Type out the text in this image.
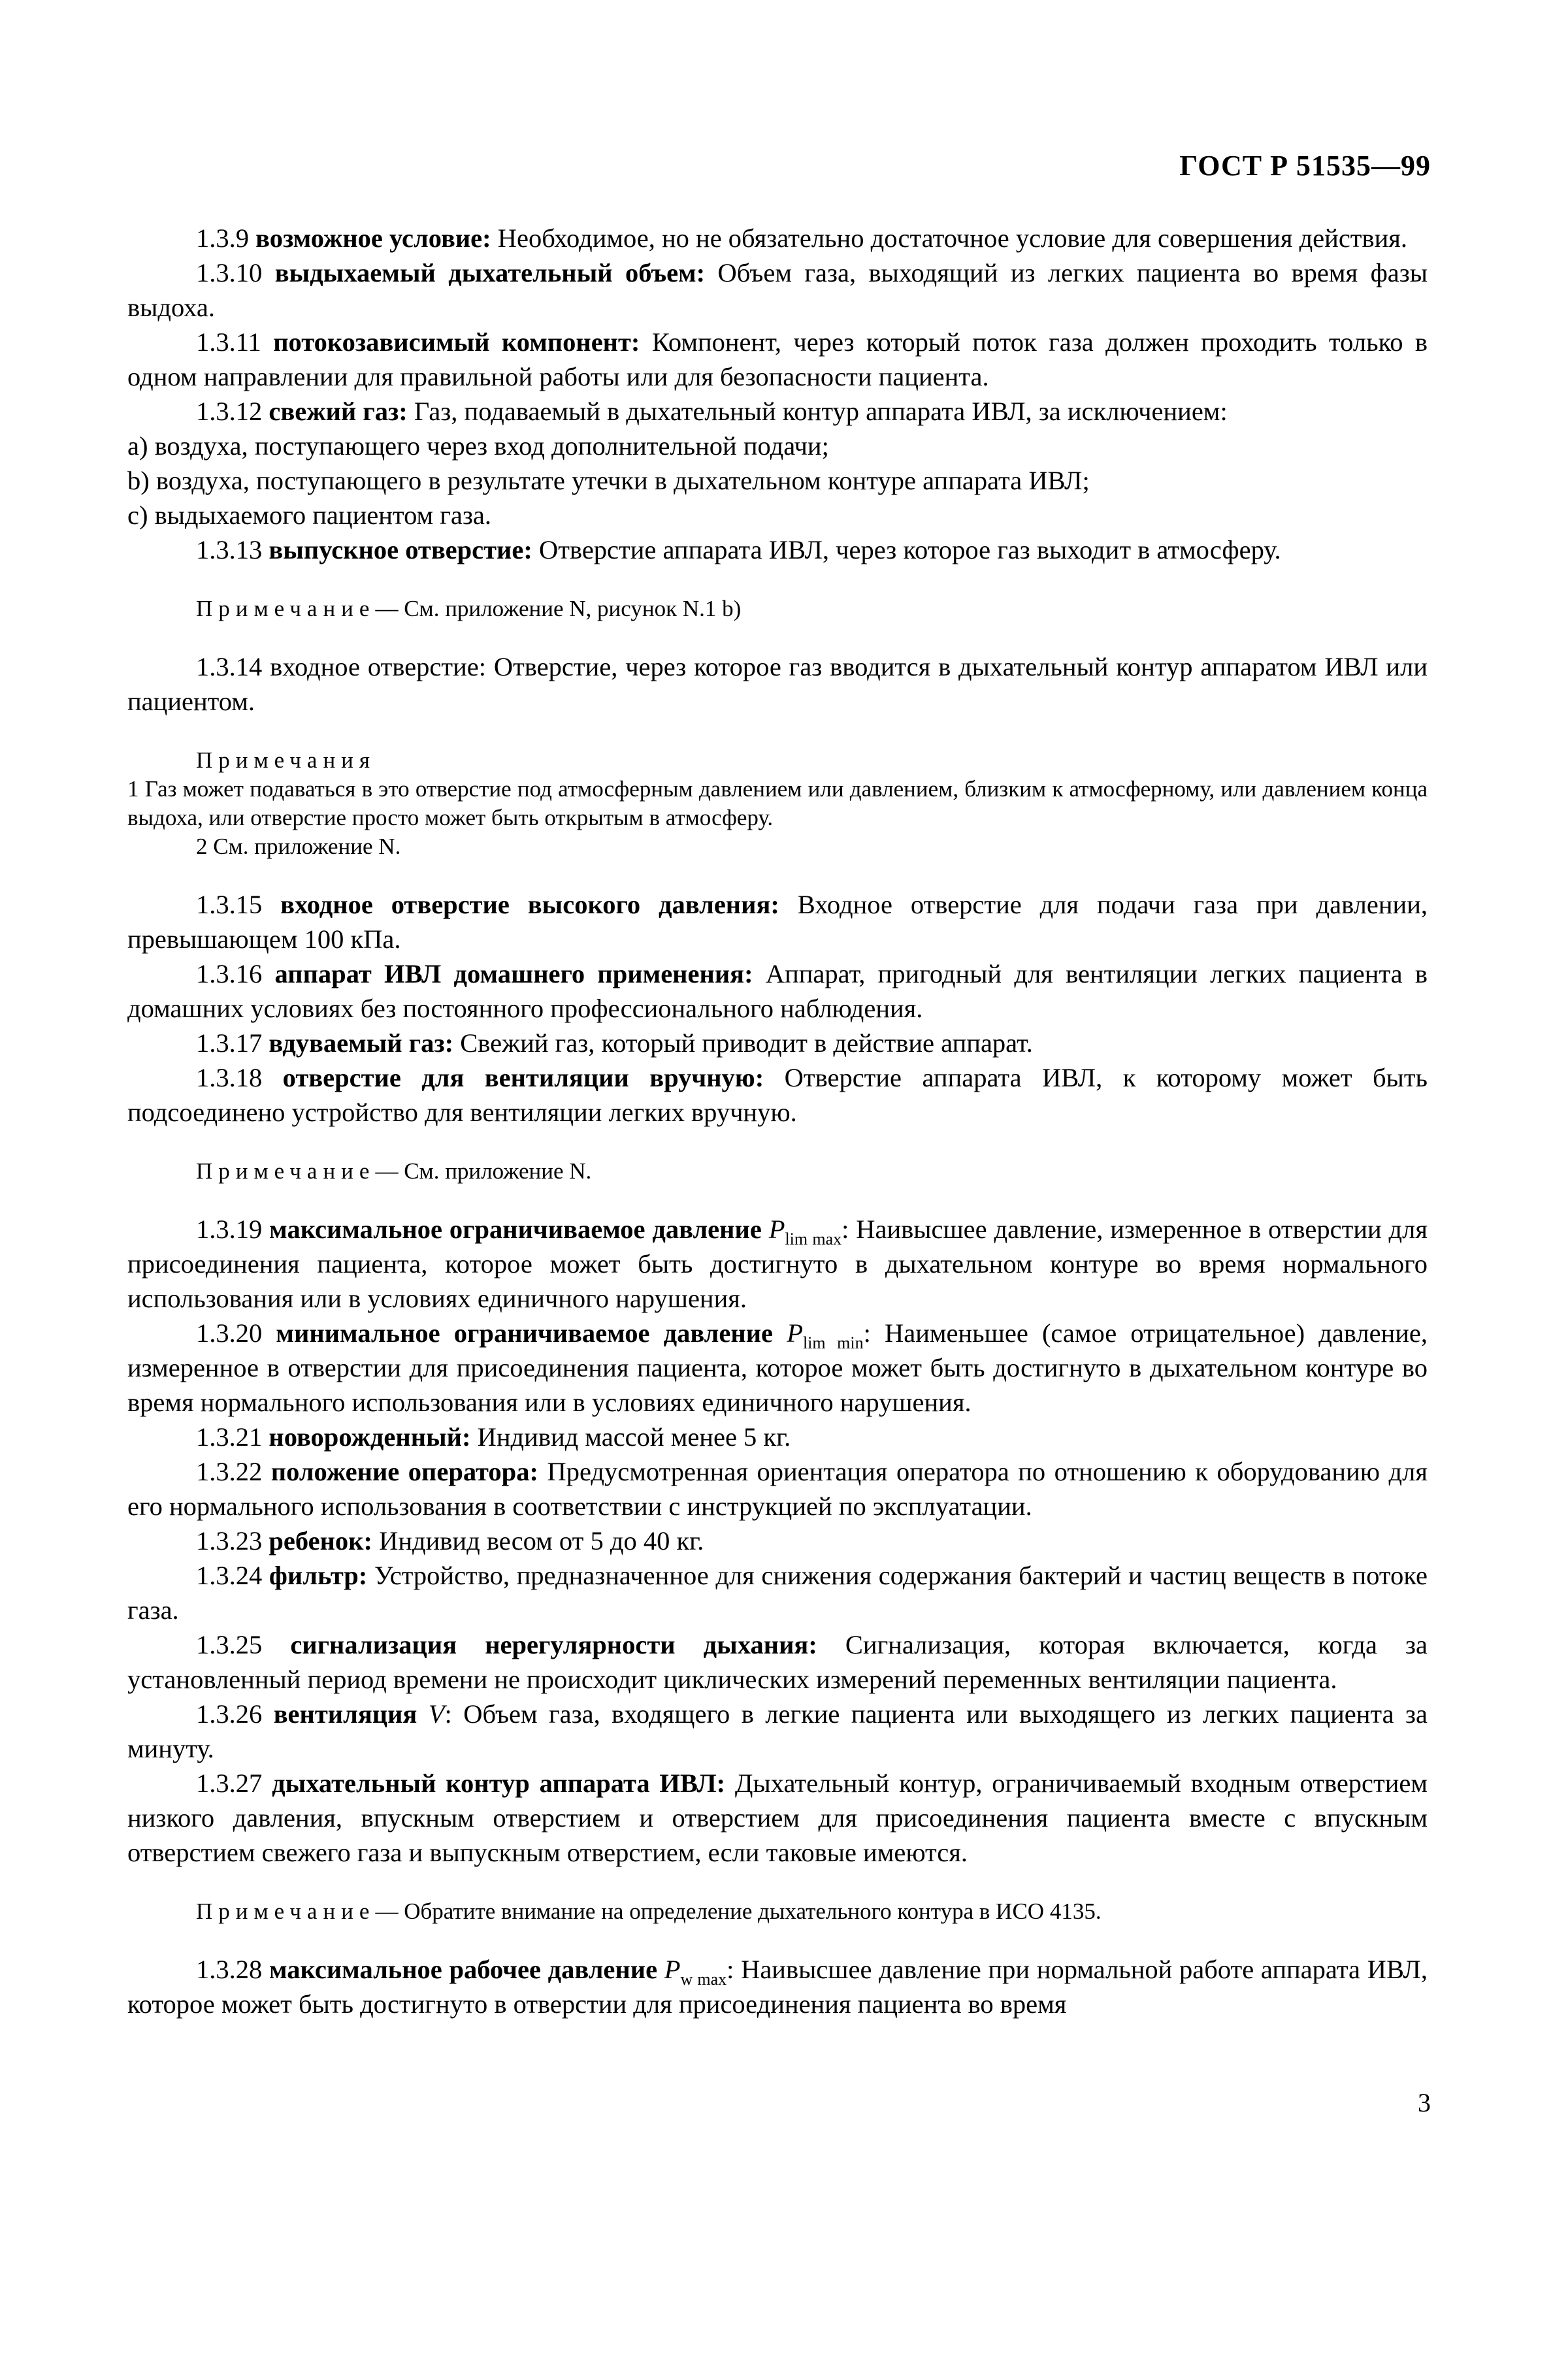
ГОСТ Р 51535—99

1.3.9 возможное условие: Необходимое, но не обязательно достаточное условие для совершения действия.

1.3.10 выдыхаемый дыхательный объем: Объем газа, выходящий из легких пациента во время фазы выдоха.

1.3.11 потокозависимый компонент: Компонент, через который поток газа должен проходить только в одном направлении для правильной работы или для безопасности пациента.

1.3.12 свежий газ: Газ, подаваемый в дыхательный контур аппарата ИВЛ, за исключением:

a) воздуха, поступающего через вход дополнительной подачи;

b) воздуха, поступающего в результате утечки в дыхательном контуре аппарата ИВЛ;

c) выдыхаемого пациентом газа.

1.3.13 выпускное отверстие: Отверстие аппарата ИВЛ, через которое газ выходит в атмосферу.

Примечание— См. приложение N, рисунок N.1 b)

1.3.14 входное отверстие: Отверстие, через которое газ вводится в дыхательный контур аппаратом ИВЛ или пациентом.

Примечания

1 Газ может подаваться в это отверстие под атмосферным давлением или давлением, близким к атмосферному, или давлением конца выдоха, или отверстие просто может быть открытым в атмосферу.

2 См. приложение N.

1.3.15 входное отверстие высокого давления: Входное отверстие для подачи газа при давлении, превышающем 100 кПа.

1.3.16 аппарат ИВЛ домашнего применения: Аппарат, пригодный для вентиляции легких пациента в домашних условиях без постоянного профессионального наблюдения.

1.3.17 вдуваемый газ: Свежий газ, который приводит в действие аппарат.

1.3.18 отверстие для вентиляции вручную: Отверстие аппарата ИВЛ, к которому может быть подсоединено устройство для вентиляции легких вручную.

Примечание— См. приложение N.

1.3.19 максимальное ограничиваемое давление $P_{lim max}$: Наивысшее давление, измеренное в отверстии для присоединения пациента, которое может быть достигнуто в дыхательном контуре во время нормального использования или в условиях единичного нарушения.

1.3.20 минимальное ограничиваемое давление $P_{lim min}$: Наименьшее (самое отрицательное) давление, измеренное в отверстии для присоединения пациента, которое может быть достигнуто в дыхательном контуре во время нормального использования или в условиях единичного нарушения.

1.3.21 новорожденный: Индивид массой менее 5 кг.

1.3.22 положение оператора: Предусмотренная ориентация оператора по отношению к оборудованию для его нормального использования в соответствии с инструкцией по эксплуатации.

1.3.23 ребенок: Индивид весом от 5 до 40 кг.

1.3.24 фильтр: Устройство, предназначенное для снижения содержания бактерий и частиц веществ в потоке газа.

1.3.25 сигнализация нерегулярности дыхания: Сигнализация, которая включается, когда за установленный период времени не происходит циклических измерений переменных вентиляции пациента.

1.3.26 вентиляция V: Объем газа, входящего в легкие пациента или выходящего из легких пациента за минуту.

1.3.27 дыхательный контур аппарата ИВЛ: Дыхательный контур, ограничиваемый входным отверстием низкого давления, впускным отверстием и отверстием для присоединения пациента вместе с впускным отверстием свежего газа и выпускным отверстием, если таковые имеются.

Примечание— Обратите внимание на определение дыхательного контура в ИСО 4135.

1.3.28 максимальное рабочее давление $P_{w max}$: Наивысшее давление при нормальной работе аппарата ИВЛ, которое может быть достигнуто в отверстии для присоединения пациента во время

3
